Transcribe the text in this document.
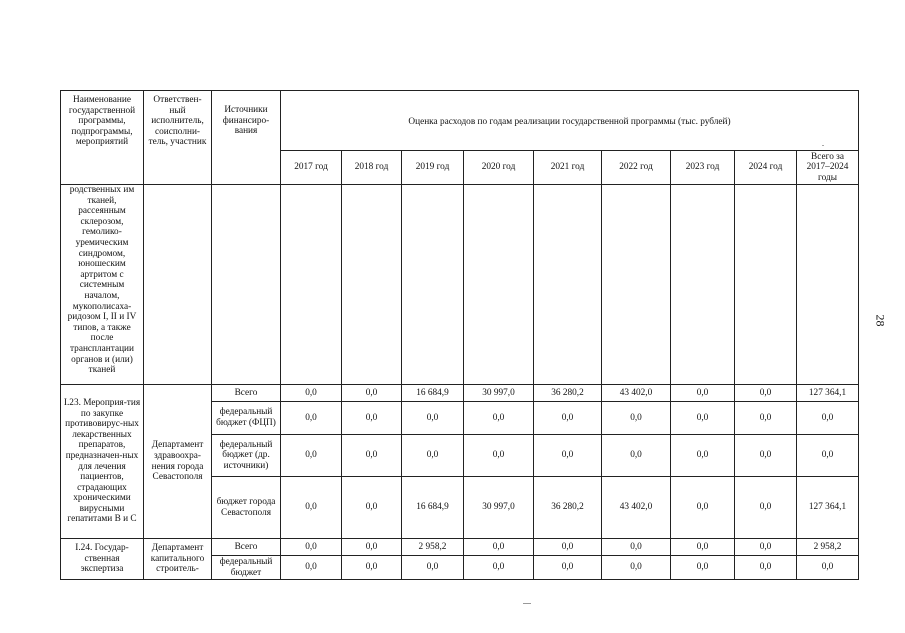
.
Наименование государственной программы, подпрограммы, мероприятий	Ответствен-ный исполнитель, соисполни-тель, участник	Источники финансиро-вания	Оценка расходов по годам реализации государственной программы (тыс. рублей)								
			2017 год	2018 год	2019 год	2020 год	2021 год	2022 год	2023 год	2024 год	Всего за 2017–2024 годы
родственных им тканей, рассеянным склерозом, гемолико-уремическим синдромом, юношеским артритом с системным началом, мукополисаха-ридозом I, II и IV типов, а также после трансплантации органов и (или) тканей											
I.23. Мероприя-тия по закупке противовирус-ных лекарственных препаратов, предназначен-ных для лечения пациентов, страдающих хроническими вирусными гепатитами В и С	Департамент здравоохра-нения города Севастополя	Всего	0,0	0,0	16 684,9	30 997,0	36 280,2	43 402,0	0,0	0,0	127 364,1
		федеральный бюджет (ФЦП)	0,0	0,0	0,0	0,0	0,0	0,0	0,0	0,0	0,0
		федеральный бюджет (др. источники)	0,0	0,0	0,0	0,0	0,0	0,0	0,0	0,0	0,0
		бюджет города Севастополя	0,0	0,0	16 684,9	30 997,0	36 280,2	43 402,0	0,0	0,0	127 364,1
I.24. Государ-ственная экспертиза	Департамент капитального строитель-	Всего	0,0	0,0	2 958,2	0,0	0,0	0,0	0,0	0,0	2 958,2
		федеральный бюджет	0,0	0,0	0,0	0,0	0,0	0,0	0,0	0,0	0,0
28
